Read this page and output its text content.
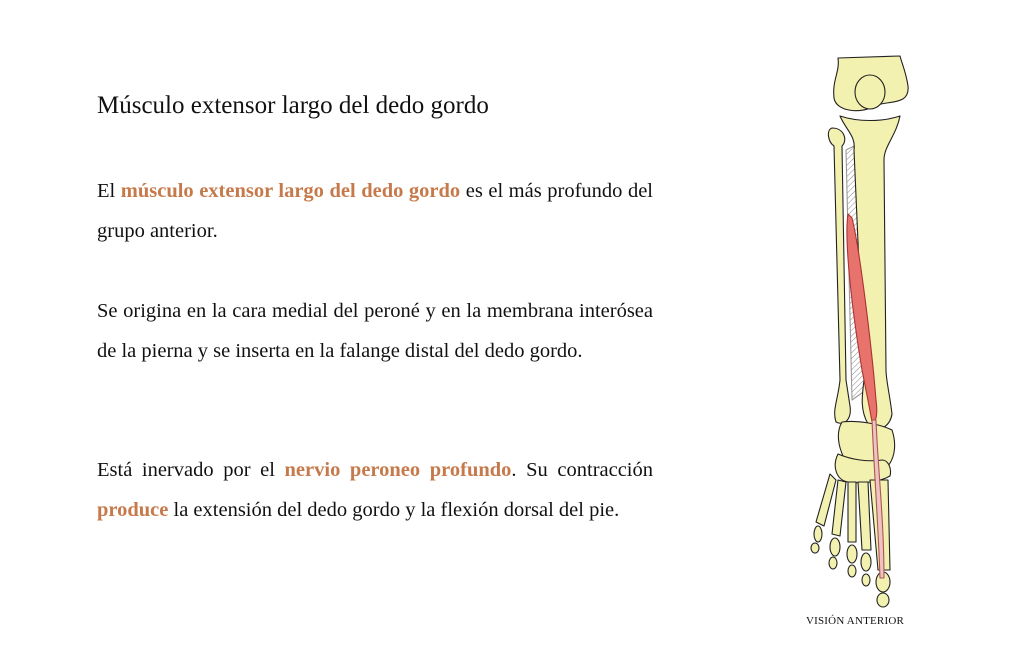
Músculo extensor largo del dedo gordo

El músculo extensor largo del dedo gordo es el más profundo del grupo anterior.

Se origina en la cara medial del peroné y en la membrana interósea de la pierna y se inserta en la falange distal del dedo gordo.

Está inervado por el nervio peroneo profundo. Su contracción produce la extensión del dedo gordo y la flexión dorsal del pie.

VISIÓN ANTERIOR
